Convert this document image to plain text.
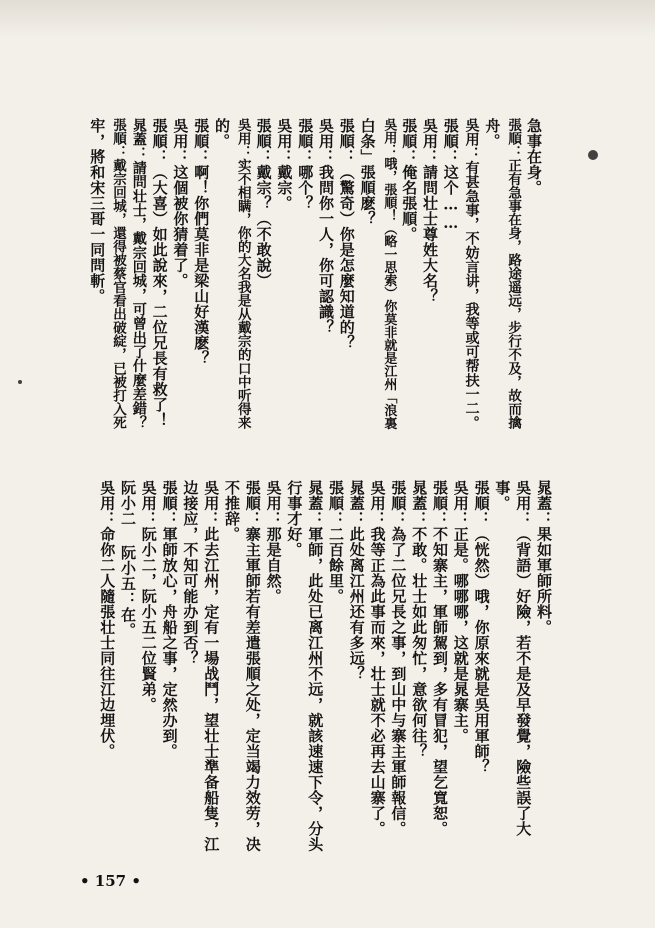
急事在身。
張順：正有急事在身，路途遥远，步行不及，故而擒
舟。
吳用：有甚急事，不妨言讲，我等或可帮扶一二。
張順：这个……
吳用：請問壮士尊姓大名？
張順：俺名張順。
吳用：哦，張順！（略一思索）你莫非就是江州「浪裏
白条」張順麽？
張順：（驚奇）你是怎麼知道的？
吳用：我問你一人，你可認識？
張順：哪个？
吳用：戴宗。
張順：戴宗？（不敢說）
吳用：实不相瞒，你的大名我是从戴宗的口中听得来
的。
張順：啊！你們莫非是梁山好漢麽？
吳用：这個被你猜着了。
張順：（大喜）如此說來，二位兄長有救了！
晁蓋：請問壮士，戴宗回城，可曾出了什麼差錯？
張順：戴宗回城，還得被蔡官看出破綻，已被打入死
牢，將和宋三哥一同問斬。
晁蓋：果如軍師所料。
吳用：（背語）好險，若不是及早發覺，險些誤了大
事。
張順：（恍然）哦，你原來就是吳用軍師？
吳用：正是。哪哪哪，这就是晁寨主。
張順：不知寨主，軍師駕到，多有冒犯，望乞寬恕。
晁蓋：不敢。壮士如此匆忙，意欲何往？
張順：為了二位兄長之事，到山中与寨主軍師報信。
吳用：我等正為此事而來，壮士就不必再去山寨了。
晁蓋：此处离江州还有多远？
張順：二百餘里。
晁蓋：軍師，此处已离江州不远，就該速速下令，分头
行事才好。
吳用：那是自然。
張順：寨主軍師若有差遣張順之处，定当竭力效劳，决
不推辞。
吳用：此去江州，定有一場战鬥，望壮士準备船隻，江
边接应，不知可能办到否？
張順：軍師放心，舟船之事，定然办到。
吳用：阮小二，阮小五二位賢弟。
阮小二 阮小五：在。
吳用：命你二人隨張壮士同往江边埋伏。
• 157 •
